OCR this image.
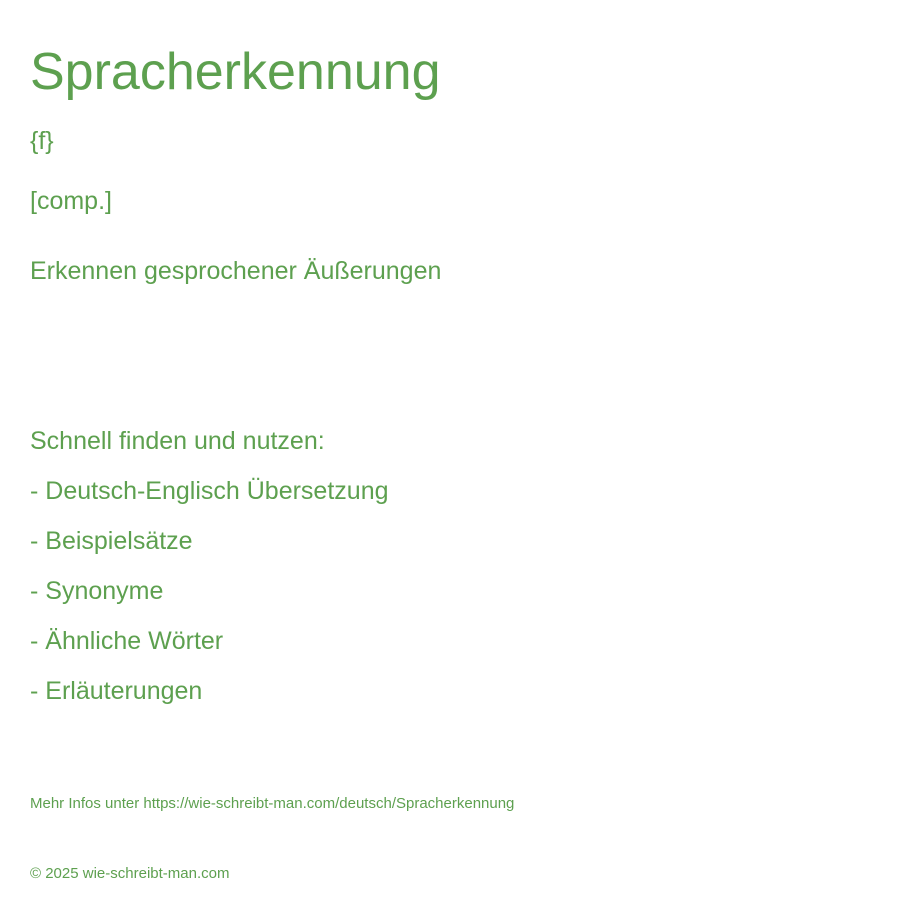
Spracherkennung
{f}
[comp.]
Erkennen gesprochener Äußerungen
Schnell finden und nutzen:
- Deutsch-Englisch Übersetzung
- Beispielsätze
- Synonyme
- Ähnliche Wörter
- Erläuterungen
Mehr Infos unter https://wie-schreibt-man.com/deutsch/Spracherkennung
© 2025 wie-schreibt-man.com
